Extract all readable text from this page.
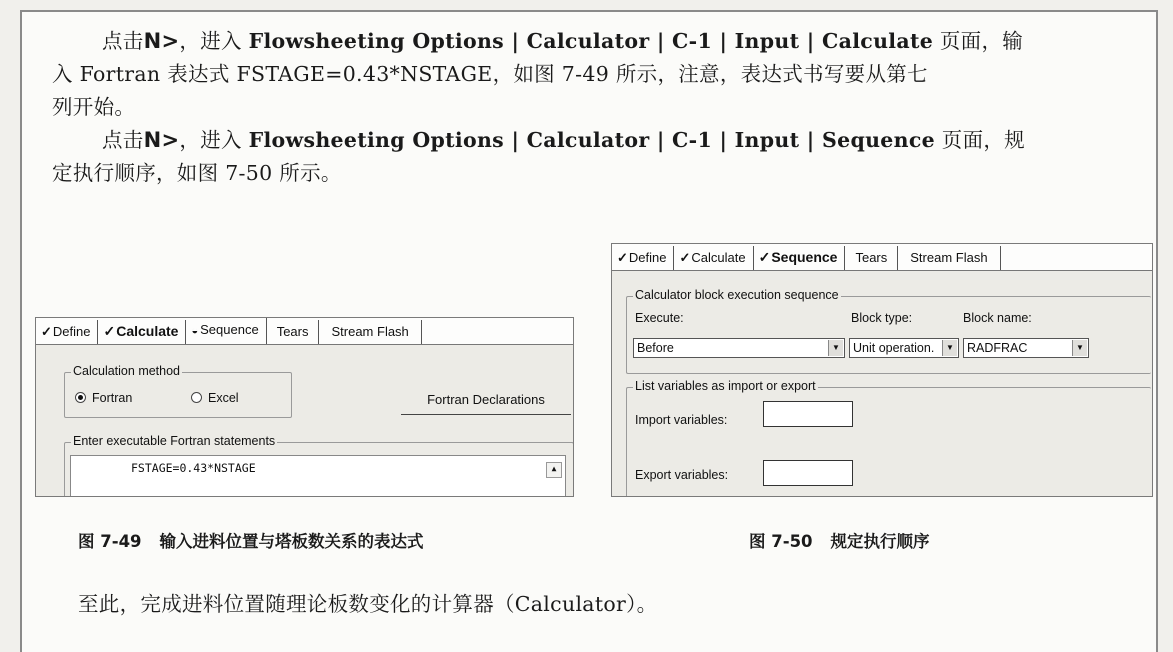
点击N>，进入 Flowsheeting Options | Calculator | C-1 | Input | Calculate 页面，输
入 Fortran 表达式 FSTAGE=0.43*NSTAGE，如图 7-49 所示，注意，表达式书写要从第七
列开始。
点击N>，进入 Flowsheeting Options | Calculator | C-1 | Input | Sequence 页面，规
定执行顺序，如图 7-50 所示。
✓Define ✓Calculate	◒ Sequence	Tears	Stream Flash
Calculation method
Fortran	Excel	Fortran Declarations
Enter executable Fortran statements
FSTAGE=0.43*NSTAGE	▲
✓Define	✓Calculate ✓Sequence	Tears	Stream Flash
Calculator block execution sequence
Execute:	Block type:	Block name:
Before	▼	Unit operation.	▼	RADFRAC	▼
List variables as import or export
Import variables:
Export variables:
图 7-49 输入进料位置与塔板数关系的表达式	图 7-50 规定执行顺序
至此，完成进料位置随理论板数变化的计算器（Calculator）。
